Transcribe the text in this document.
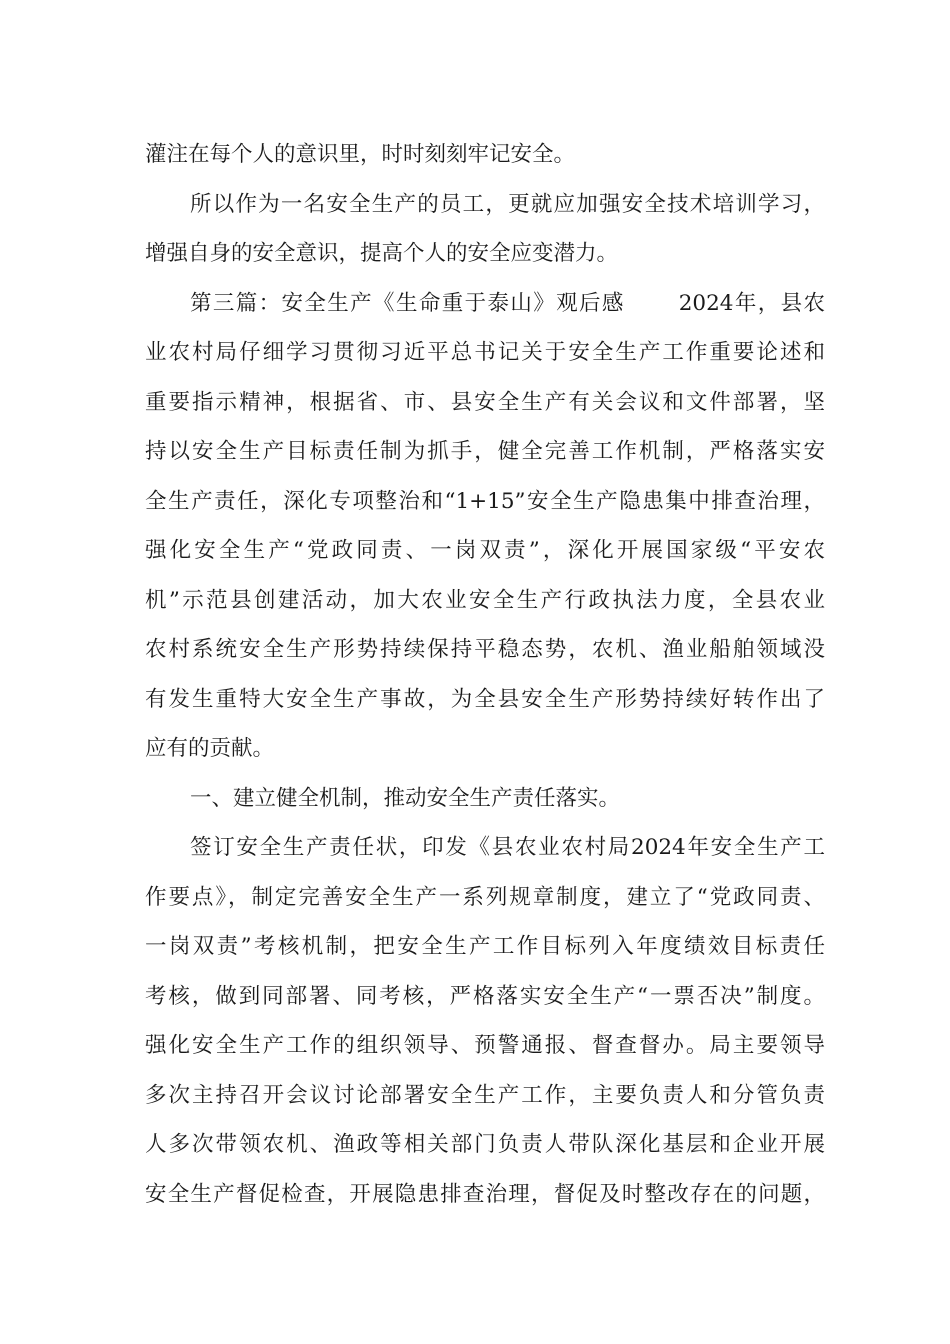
灌注在每个人的意识里，时时刻刻牢记安全。
所以作为一名安全生产的员工，更就应加强安全技术培训学习，
增强自身的安全意识，提高个人的安全应变潜力。
第三篇：安全生产《生命重于泰山》观后感　　 2024年，县农
业农村局仔细学习贯彻习近平总书记关于安全生产工作重要论述和
重要指示精神，根据省、市、县安全生产有关会议和文件部署，坚
持以安全生产目标责任制为抓手，健全完善工作机制，严格落实安
全生产责任，深化专项整治和“1+15”安全生产隐患集中排查治理，
强化安全生产“党政同责、一岗双责”，深化开展国家级“平安农
机”示范县创建活动，加大农业安全生产行政执法力度，全县农业
农村系统安全生产形势持续保持平稳态势，农机、渔业船舶领域没
有发生重特大安全生产事故，为全县安全生产形势持续好转作出了
应有的贡献。
一、建立健全机制，推动安全生产责任落实。
签订安全生产责任状，印发《县农业农村局2024年安全生产工
作要点》，制定完善安全生产一系列规章制度，建立了“党政同责、
一岗双责”考核机制，把安全生产工作目标列入年度绩效目标责任
考核，做到同部署、同考核，严格落实安全生产“一票否决”制度。
强化安全生产工作的组织领导、预警通报、督查督办。局主要领导
多次主持召开会议讨论部署安全生产工作，主要负责人和分管负责
人多次带领农机、渔政等相关部门负责人带队深化基层和企业开展
安全生产督促检查，开展隐患排查治理，督促及时整改存在的问题，
